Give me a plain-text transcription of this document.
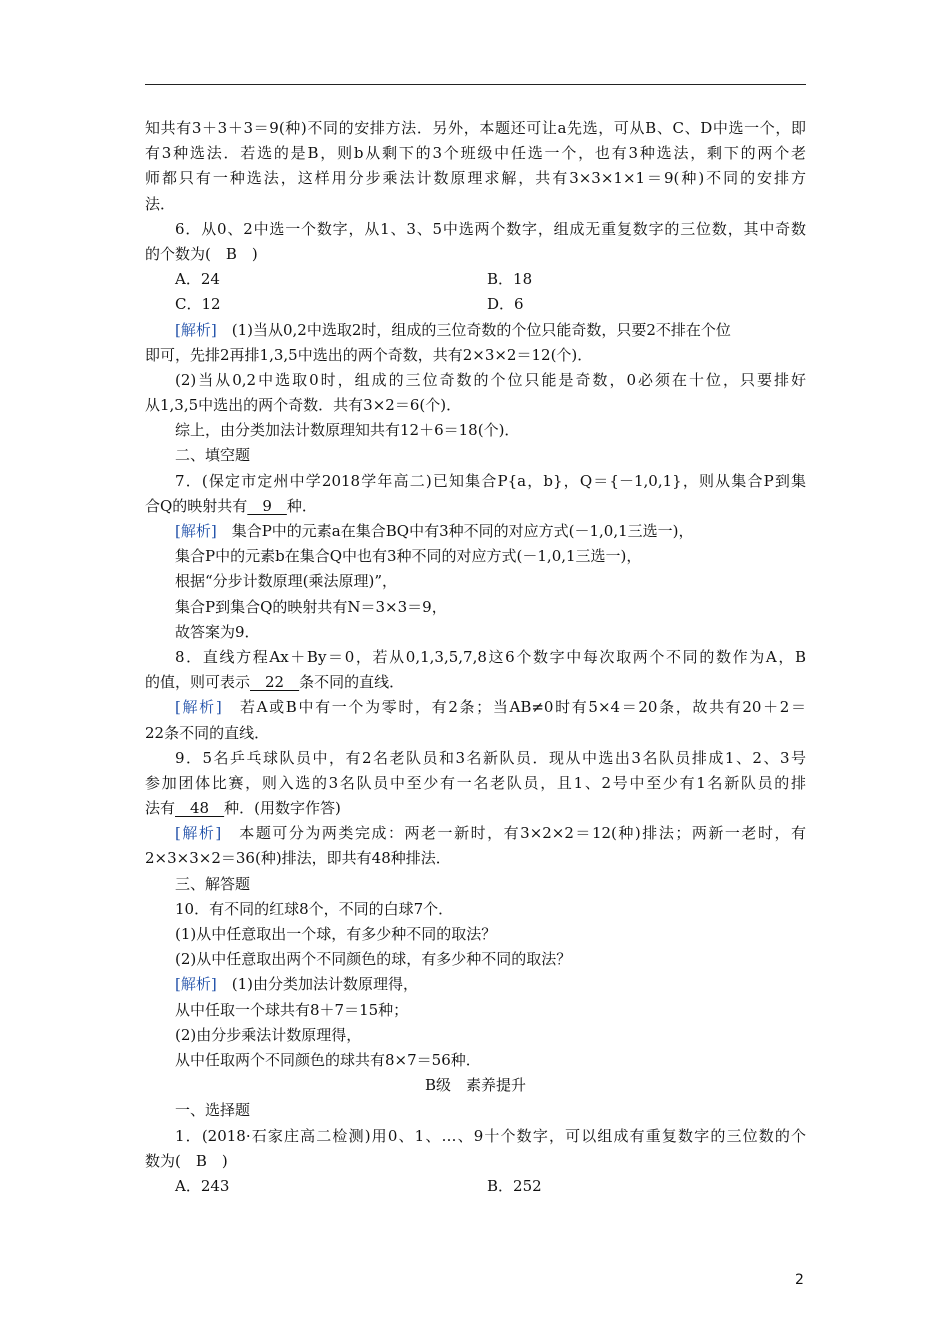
知共有3＋3＋3＝9(种)不同的安排方法．另外，本题还可让a先选，可从B、C、D中选一个，即
有3种选法．若选的是B，则b从剩下的3个班级中任选一个，也有3种选法，剩下的两个老
师都只有一种选法，这样用分步乘法计数原理求解，共有3×3×1×1＝9(种)不同的安排方
法．
6．从0、2中选一个数字，从1、3、5中选两个数字，组成无重复数字的三位数，其中奇数
的个数为(　B　)
A．24	B．18
C．12	D．6
[解析]　(1)当从0,2中选取2时，组成的三位奇数的个位只能奇数，只要2不排在个位
即可，先排2再排1,3,5中选出的两个奇数，共有2×3×2＝12(个)．
(2)当从0,2中选取0时，组成的三位奇数的个位只能是奇数，0必须在十位，只要排好
从1,3,5中选出的两个奇数．共有3×2＝6(个)．
综上，由分类加法计数原理知共有12＋6＝18(个)．
二、填空题
7．(保定市定州中学2018学年高二)已知集合P{a，b}，Q＝{－1,0,1}，则从集合P到集
合Q的映射共有　9　种．
[解析]　集合P中的元素a在集合BQ中有3种不同的对应方式(－1,0,1三选一)，
集合P中的元素b在集合Q中也有3种不同的对应方式(－1,0,1三选一)，
根据“分步计数原理(乘法原理)”，
集合P到集合Q的映射共有N＝3×3＝9，
故答案为9．
8．直线方程Ax＋By＝0，若从0,1,3,5,7,8这6个数字中每次取两个不同的数作为A，B
的值，则可表示　22　条不同的直线．
[解析]　若A或B中有一个为零时，有2条；当AB≠0时有5×4＝20条，故共有20＋2＝
22条不同的直线．
9．5名乒乓球队员中，有2名老队员和3名新队员．现从中选出3名队员排成1、2、3号
参加团体比赛，则入选的3名队员中至少有一名老队员，且1、2号中至少有1名新队员的排
法有　48　种．(用数字作答)
[解析]　本题可分为两类完成：两老一新时，有3×2×2＝12(种)排法；两新一老时，有
2×3×3×2＝36(种)排法，即共有48种排法．
三、解答题
10．有不同的红球8个，不同的白球7个．
(1)从中任意取出一个球，有多少种不同的取法？
(2)从中任意取出两个不同颜色的球，有多少种不同的取法？
[解析]　(1)由分类加法计数原理得，
从中任取一个球共有8＋7＝15种；
(2)由分步乘法计数原理得，
从中任取两个不同颜色的球共有8×7＝56种．
B级　素养提升
一、选择题
1．(2018·石家庄高二检测)用0、1、…、9十个数字，可以组成有重复数字的三位数的个
数为(　B　)
A．243	B．252
2
